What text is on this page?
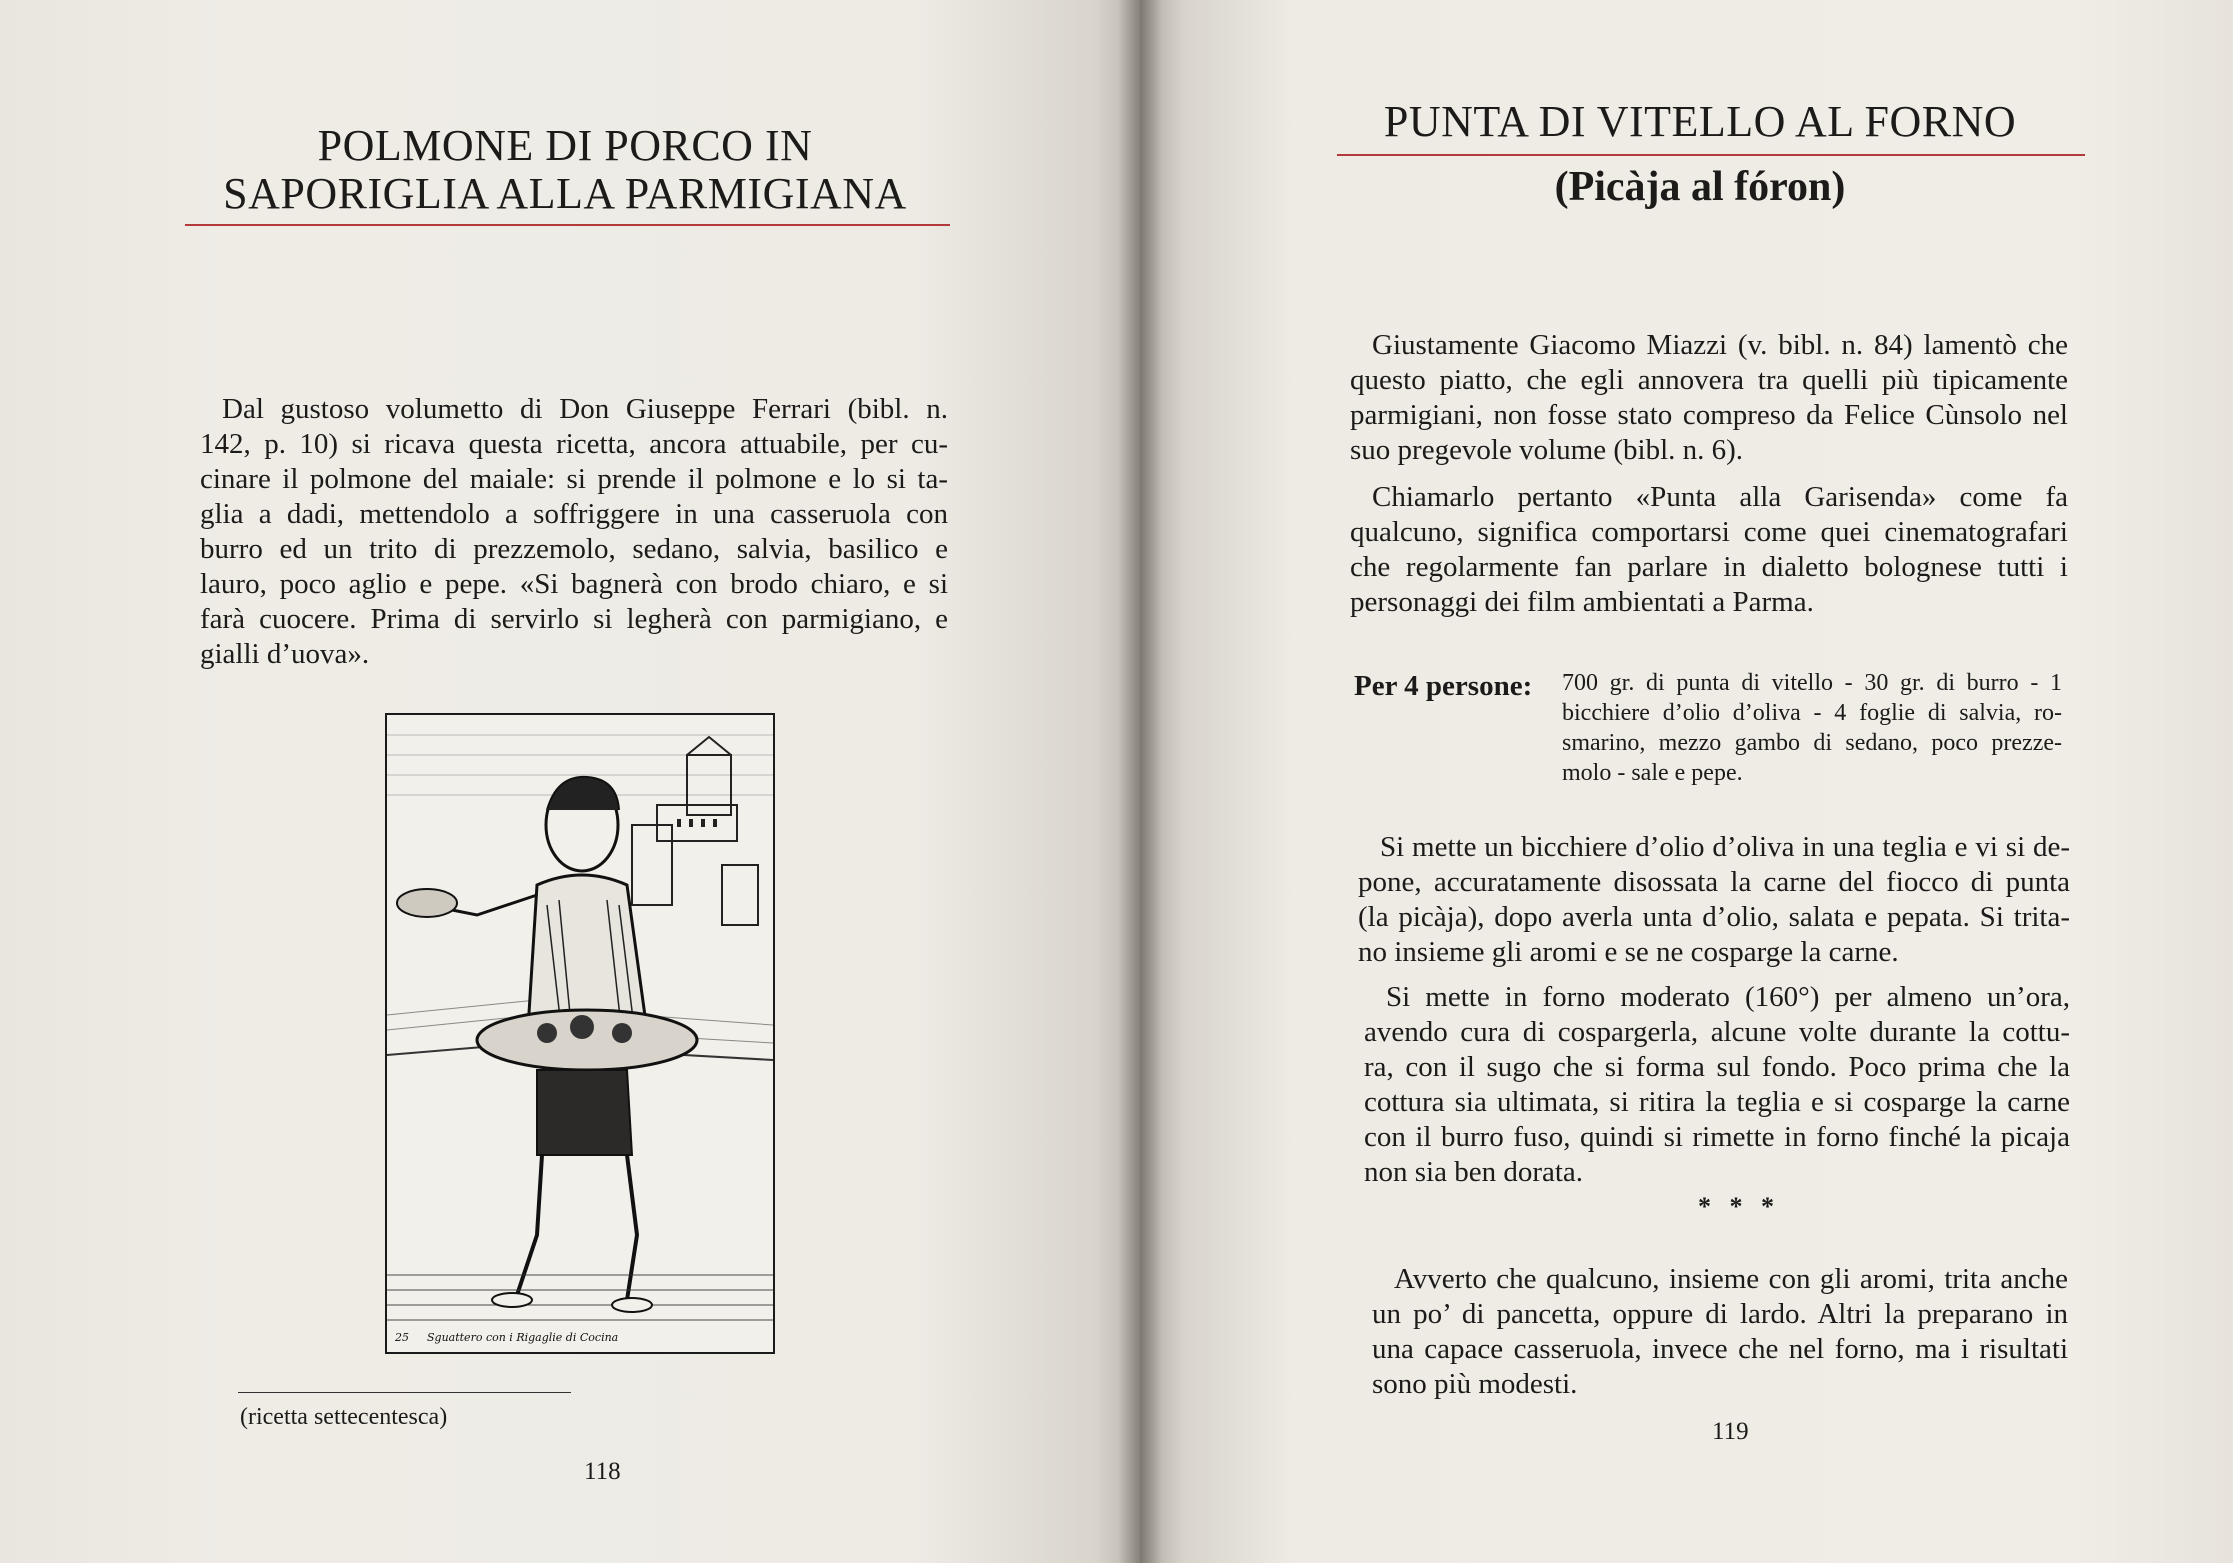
POLMONE DI PORCO IN
SAPORIGLIA ALLA PARMIGIANA

Dal gustoso volumetto di Don Giuseppe Ferrari (bibl. n.

142, p. 10) si ricava questa ricetta, ancora attuabile, per cu-

cinare il polmone del maiale: si prende il polmone e lo si ta-

glia a dadi, mettendolo a soffriggere in una casseruola con

burro ed un trito di prezzemolo, sedano, salvia, basilico e

lauro, poco aglio e pepe. «Si bagnerà con brodo chiaro, e si

farà cuocere. Prima di servirlo si legherà con parmigiano, e

gialli d’uova».

25 Sguattero con i Rigaglie di Cocina
(ricetta settecentesca)
118
PUNTA DI VITELLO AL FORNO
(Picàja al fóron)

Giustamente Giacomo Miazzi (v. bibl. n. 84) lamentò che

questo piatto, che egli annovera tra quelli più tipicamente

parmigiani, non fosse stato compreso da Felice Cùnsolo nel

suo pregevole volume (bibl. n. 6).

Chiamarlo pertanto «Punta alla Garisenda» come fa

qualcuno, significa comportarsi come quei cinematografari

che regolarmente fan parlare in dialetto bolognese tutti i

personaggi dei film ambientati a Parma.

Per 4 persone: 700 gr. di punta di vitello - 30 gr. di burro - 1
bicchiere d’olio d’oliva - 4 foglie di salvia, ro-
smarino, mezzo gambo di sedano, poco prezze-
molo - sale e pepe.

Si mette un bicchiere d’olio d’oliva in una teglia e vi si de-

pone, accuratamente disossata la carne del fiocco di punta

(la picàja), dopo averla unta d’olio, salata e pepata. Si trita-

no insieme gli aromi e se ne cosparge la carne.

Si mette in forno moderato (160°) per almeno un’ora,

avendo cura di cospargerla, alcune volte durante la cottu-

ra, con il sugo che si forma sul fondo. Poco prima che la

cottura sia ultimata, si ritira la teglia e si cosparge la carne

con il burro fuso, quindi si rimette in forno finché la picaja

non sia ben dorata.

* * *

Avverto che qualcuno, insieme con gli aromi, trita anche

un po’ di pancetta, oppure di lardo. Altri la preparano in

una capace casseruola, invece che nel forno, ma i risultati

sono più modesti.

119
